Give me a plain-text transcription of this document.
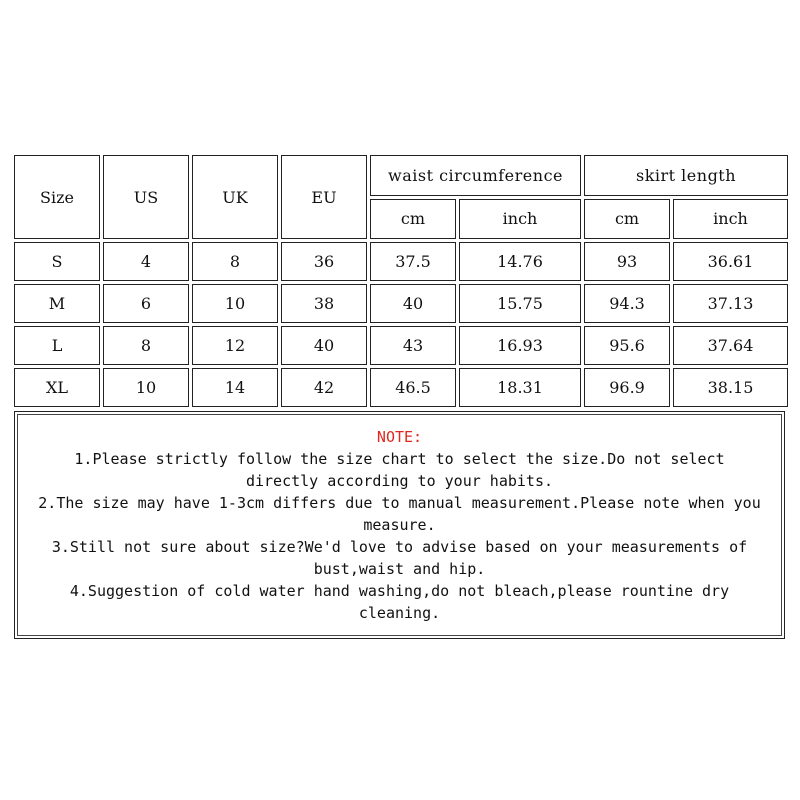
Size	US	UK	EU	waist circumference		skirt length	
				cm	inch	cm	inch
S	4	8	36	37.5	14.76	93	36.61
M	6	10	38	40	15.75	94.3	37.13
L	8	12	40	43	16.93	95.6	37.64
XL	10	14	42	46.5	18.31	96.9	38.15
NOTE:
1.Please strictly follow the size chart to select the size.Do not select directly according to your habits.
2.The size may have 1-3cm differs due to manual measurement.Please note when you measure.
3.Still not sure about size?We'd love to advise based on your measurements of bust,waist and hip.
4.Suggestion of cold water hand washing,do not bleach,please rountine dry cleaning.
